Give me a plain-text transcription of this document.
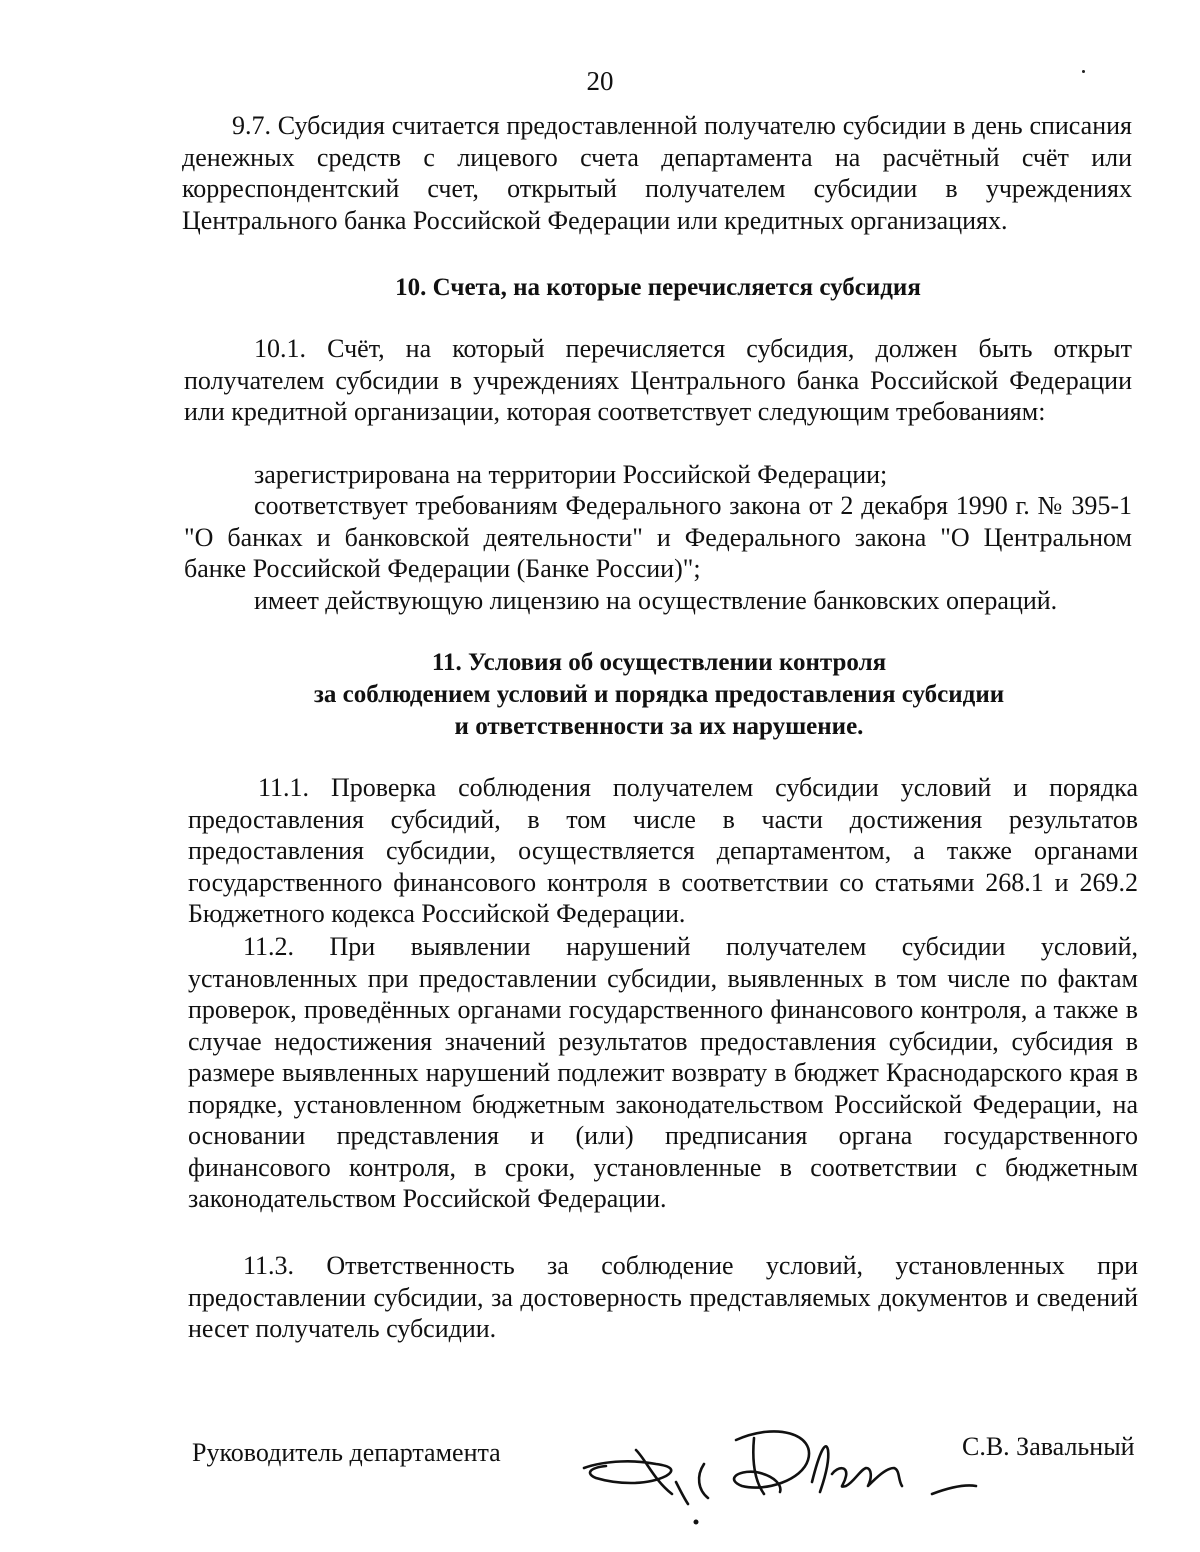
20

9.7. Субсидия считается предоставленной получателю субсидии в день списания денежных средств с лицевого счета департамента на расчётный счёт или корреспондентский счет, открытый получателем субсидии в учреждениях Центрального банка Российской Федерации или кредитных организациях.

10. Счета, на которые перечисляется субсидия

10.1. Счёт, на который перечисляется субсидия, должен быть открыт получателем субсидии в учреждениях Центрального банка Российской Федерации или кредитной организации, которая соответствует следующим требованиям:

зарегистрирована на территории Российской Федерации;

соответствует требованиям Федерального закона от 2 декабря 1990 г. № 395-1 "О банках и банковской деятельности" и Федерального закона "О Центральном банке Российской Федерации (Банке России)";

имеет действующую лицензию на осуществление банковских операций.

11. Условия об осуществлении контроля

за соблюдением условий и порядка предоставления субсидии

и ответственности за их нарушение.

11.1. Проверка соблюдения получателем субсидии условий и порядка предоставления субсидий, в том числе в части достижения результатов предоставления субсидии, осуществляется департаментом, а также органами государственного финансового контроля в соответствии со статьями 268.1 и 269.2 Бюджетного кодекса Российской Федерации.

11.2. При выявлении нарушений получателем субсидии условий, установленных при предоставлении субсидии, выявленных в том числе по фактам проверок, проведённых органами государственного финансового контроля, а также в случае недостижения значений результатов предоставления субсидии, субсидия в размере выявленных нарушений подлежит возврату в бюджет Краснодарского края в порядке, установленном бюджетным законодательством Российской Федерации, на основании представления и (или) предписания органа государственного финансового контроля, в сроки, установленные в соответствии с бюджетным законодательством Российской Федерации.

11.3. Ответственность за соблюдение условий, установленных при предоставлении субсидии, за достоверность представляемых документов и сведений несет получатель субсидии.

Руководитель департамента	С.В. Завальный
